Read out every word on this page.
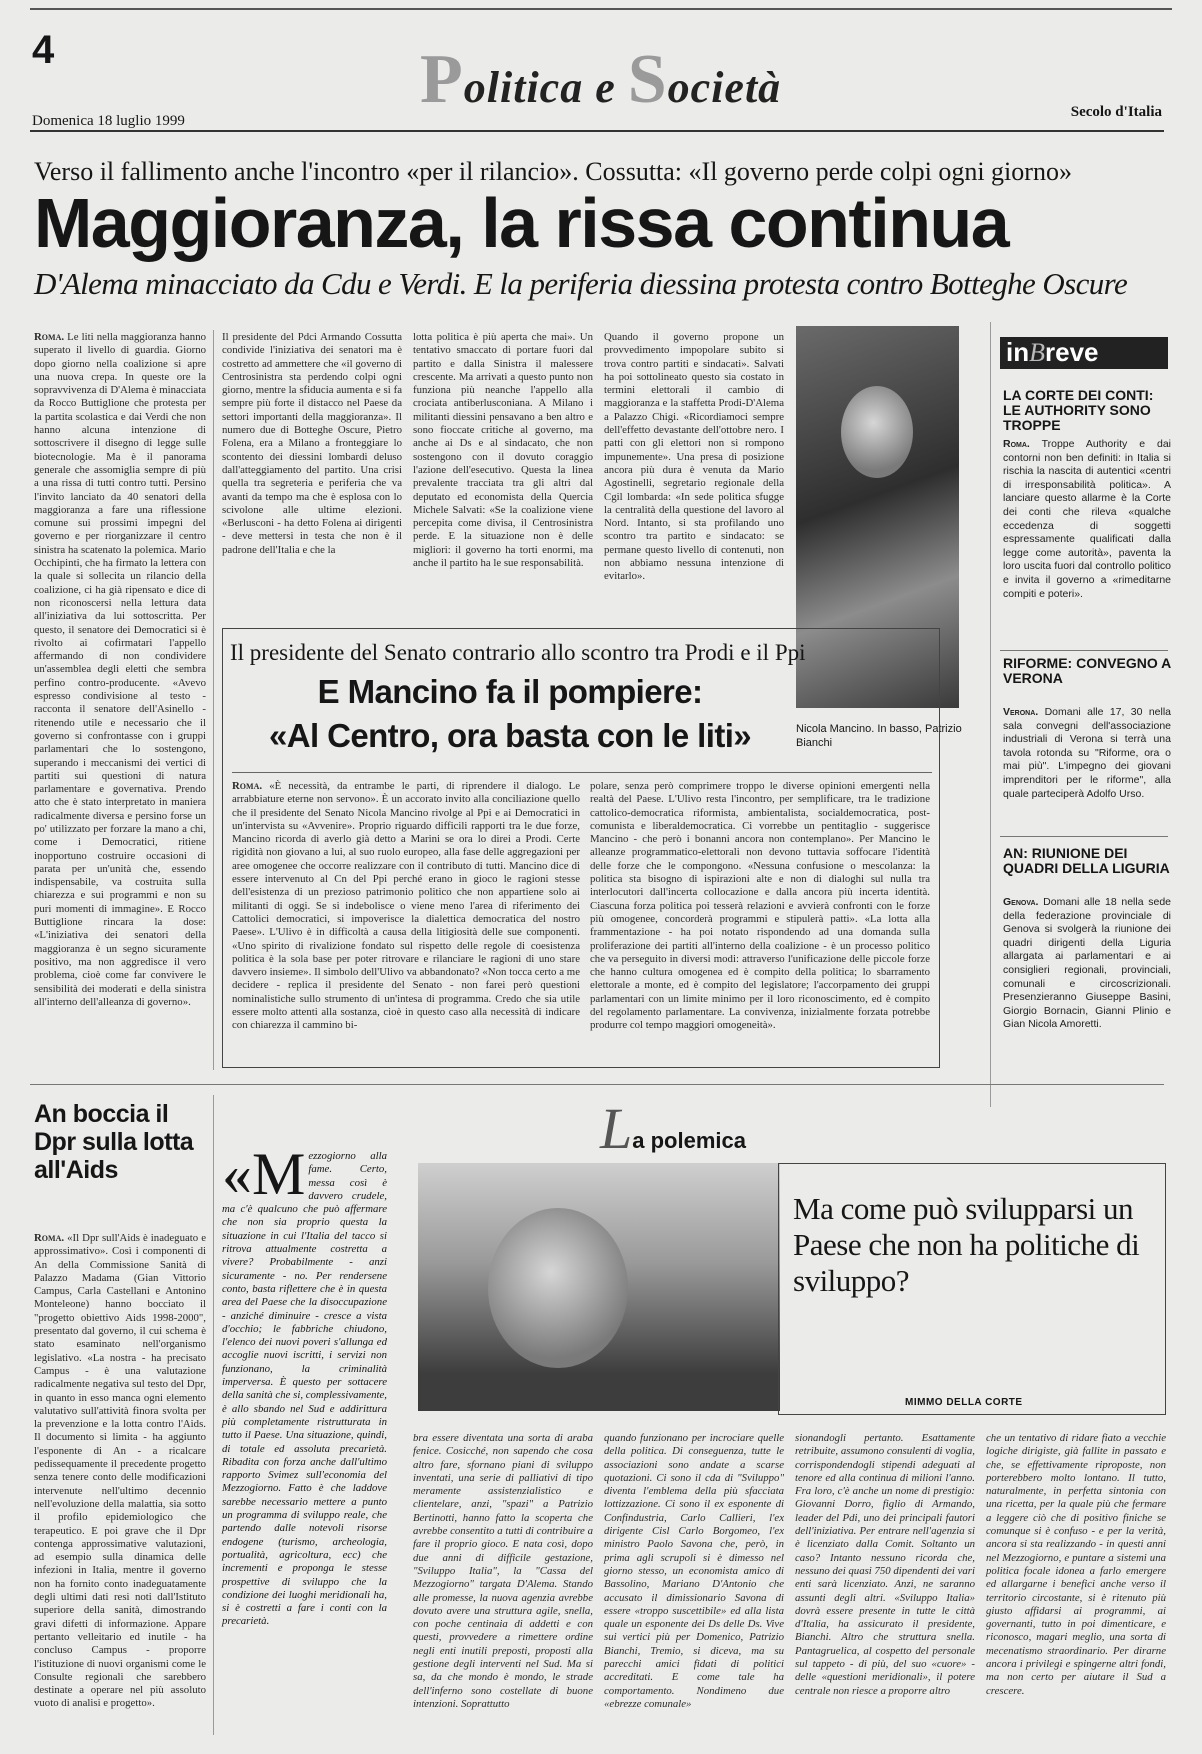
4	Politica e Società
Domenica 18 luglio 1999
Secolo d'Italia
Verso il fallimento anche l'incontro «per il rilancio». Cossutta: «Il governo perde colpi ogni giorno»
Maggioranza, la rissa continua
D'Alema minacciato da Cdu e Verdi. E la periferia diessina protesta contro Botteghe Oscure
Roma. Le liti nella maggioranza hanno superato il livello di guardia. Giorno dopo giorno nella coalizione si apre una nuova crepa. In queste ore la sopravvivenza di D'Alema è minacciata da Rocco Buttiglione che protesta per la partita scolastica e dai Verdi che non hanno alcuna intenzione di sottoscrivere il disegno di legge sulle biotecnologie. Ma è il panorama generale che assomiglia sempre di più a una rissa di tutti contro tutti. Persino l'invito lanciato da 40 senatori della maggioranza a fare una riflessione comune sui prossimi impegni del governo e per riorganizzare il centro sinistra ha scatenato la polemica. Mario Occhipinti, che ha firmato la lettera con la quale si sollecita un rilancio della coalizione, ci ha già ripensato e dice di non riconoscersi nella lettura data all'iniziativa da lui sottoscritta. Per questo, il senatore dei Democratici si è rivolto ai cofirmatari l'appello affermando di non condividere un'assemblea degli eletti che sembra perfino contro-producente. «Avevo espresso condivisione al testo - racconta il senatore dell'Asinello - ritenendo utile e necessario che il governo si confrontasse con i gruppi parlamentari che lo sostengono, superando i meccanismi dei vertici di partiti sui questioni di natura parlamentare e governativa. Prendo atto che è stato interpretato in maniera radicalmente diversa e persino forse un po' utilizzato per forzare la mano a chi, come i Democratici, ritiene inopportuno costruire occasioni di parata per un'unità che, essendo indispensabile, va costruita sulla chiarezza e sui programmi e non su puri momenti di immagine». E Rocco Buttiglione rincara la dose: «L'iniziativa dei senatori della maggioranza è un segno sicuramente positivo, ma non aggredisce il vero problema, cioè come far convivere le sensibilità dei moderati e della sinistra all'interno dell'alleanza di governo».
Il presidente del Pdci Armando Cossutta condivide l'iniziativa dei senatori ma è costretto ad ammettere che «il governo di Centrosinistra sta perdendo colpi ogni giorno, mentre la sfiducia aumenta e si fa sempre più forte il distacco nel Paese da settori importanti della maggioranza». Il numero due di Botteghe Oscure, Pietro Folena, era a Milano a fronteggiare lo scontento dei diessini lombardi deluso dall'atteggiamento del partito. Una crisi quella tra segreteria e periferia che va avanti da tempo ma che è esplosa con lo scivolone alle ultime elezioni. «Berlusconi - ha detto Folena ai dirigenti - deve mettersi in testa che non è il padrone dell'Italia e che la
lotta politica è più aperta che mai». Un tentativo smaccato di portare fuori dal partito e dalla Sinistra il malessere crescente. Ma arrivati a questo punto non funziona più neanche l'appello alla crociata antiberlusconiana. A Milano i militanti diessini pensavano a ben altro e sono fioccate critiche al governo, ma anche ai Ds e al sindacato, che non sostengono con il dovuto coraggio l'azione dell'esecutivo. Questa la linea prevalente tracciata tra gli altri dal deputato ed economista della Quercia Michele Salvati: «Se la coalizione viene percepita come divisa, il Centrosinistra perde. E la situazione non è delle migliori: il governo ha torti enormi, ma anche il partito ha le sue responsabilità.
Quando il governo propone un provvedimento impopolare subito si trova contro partiti e sindacati». Salvati ha poi sottolineato questo sia costato in termini elettorali il cambio di maggioranza e la staffetta Prodi-D'Alema a Palazzo Chigi. «Ricordiamoci sempre dell'effetto devastante dell'ottobre nero. I patti con gli elettori non si rompono impunemente». Una presa di posizione ancora più dura è venuta da Mario Agostinelli, segretario regionale della Cgil lombarda: «In sede politica sfugge la centralità della questione del lavoro al Nord. Intanto, si sta profilando uno scontro tra partito e sindacato: se permane questo livello di contenuti, non non abbiamo nessuna intenzione di evitarlo».
Nicola Mancino. In basso, Patrizio Bianchi
Il presidente del Senato contrario allo scontro tra Prodi e il Ppi
E Mancino fa il pompiere:
«Al Centro, ora basta con le liti»
Roma. «È necessità, da entrambe le parti, di riprendere il dialogo. Le arrabbiature eterne non servono». È un accorato invito alla conciliazione quello che il presidente del Senato Nicola Mancino rivolge al Ppi e ai Democratici in un'intervista su «Avvenire». Proprio riguardo difficili rapporti tra le due forze, Mancino ricorda di averlo già detto a Marini se ora lo direi a Prodi. Certe rigidità non giovano a lui, al suo ruolo europeo, alla fase delle aggregazioni per aree omogenee che occorre realizzare con il contributo di tutti. Mancino dice di essere intervenuto al Cn del Ppi perché erano in gioco le ragioni stesse dell'esistenza di un prezioso patrimonio politico che non appartiene solo ai militanti di oggi. Se si indebolisce o viene meno l'area di riferimento dei Cattolici democratici, si impoverisce la dialettica democratica del nostro Paese». L'Ulivo è in difficoltà a causa della litigiosità delle sue componenti. «Uno spirito di rivalizione fondato sul rispetto delle regole di coesistenza politica è la sola base per poter ritrovare e rilanciare le ragioni di uno stare davvero insieme». Il simbolo dell'Ulivo va abbandonato? «Non tocca certo a me decidere - replica il presidente del Senato - non farei però questioni nominalistiche sullo strumento di un'intesa di programma. Credo che sia utile essere molto attenti alla sostanza, cioè in questo caso alla necessità di indicare con chiarezza il cammino bi-
polare, senza però comprimere troppo le diverse opinioni emergenti nella realtà del Paese. L'Ulivo resta l'incontro, per semplificare, tra le tradizione cattolico-democratica riformista, ambientalista, socialdemocratica, post-comunista e liberaldemocratica. Ci vorrebbe un pentitaglio - suggerisce Mancino - che però i bonanni ancora non contemplano». Per Mancino le alleanze programmatico-elettorali non devono tuttavia soffocare l'identità delle forze che le compongono. «Nessuna confusione o mescolanza: la politica sta bisogno di ispirazioni alte e non di dialoghi sul nulla tra interlocutori dall'incerta collocazione e dalla ancora più incerta identità. Ciascuna forza politica poi tesserà relazioni e avvierà confronti con le forze più omogenee, concorderà programmi e stipulerà patti». «La lotta alla frammentazione - ha poi notato rispondendo ad una domanda sulla proliferazione dei partiti all'interno della coalizione - è un processo politico che va perseguito in diversi modi: attraverso l'unificazione delle piccole forze che hanno cultura omogenea ed è compito della politica; lo sbarramento elettorale a monte, ed è compito del legislatore; l'accorpamento dei gruppi parlamentari con un limite minimo per il loro riconoscimento, ed è compito del regolamento parlamentare. La convivenza, inizialmente forzata potrebbe produrre col tempo maggiori omogeneità».
inBreve
LA CORTE DEI CONTI: LE AUTHORITY SONO TROPPE
Roma. Troppe Authority e dai contorni non ben definiti: in Italia si rischia la nascita di autentici «centri di irresponsabilità politica». A lanciare questo allarme è la Corte dei conti che rileva «qualche eccedenza di soggetti espressamente qualificati dalla legge come autorità», paventa la loro uscita fuori dal controllo politico e invita il governo a «rimeditarne compiti e poteri».
RIFORME: CONVEGNO A VERONA
Verona. Domani alle 17, 30 nella sala convegni dell'associazione industriali di Verona si terrà una tavola rotonda su "Riforme, ora o mai più". L'impegno dei giovani imprenditori per le riforme", alla quale parteciperà Adolfo Urso.
AN: RIUNIONE DEI QUADRI DELLA LIGURIA
Genova. Domani alle 18 nella sede della federazione provinciale di Genova si svolgerà la riunione dei quadri dirigenti della Liguria allargata ai parlamentari e ai consiglieri regionali, provinciali, comunali e circoscrizionali. Presenzieranno Giuseppe Basini, Giorgio Bornacin, Gianni Plinio e Gian Nicola Amoretti.
An boccia il Dpr sulla lotta all'Aids
Roma. «Il Dpr sull'Aids è inadeguato e approssimativo». Così i componenti di An della Commissione Sanità di Palazzo Madama (Gian Vittorio Campus, Carla Castellani e Antonino Monteleone) hanno bocciato il "progetto obiettivo Aids 1998-2000", presentato dal governo, il cui schema è stato esaminato nell'organismo legislativo. «La nostra - ha precisato Campus - è una valutazione radicalmente negativa sul testo del Dpr, in quanto in esso manca ogni elemento valutativo sull'attività finora svolta per la prevenzione e la lotta contro l'Aids. Il documento si limita - ha aggiunto l'esponente di An - a ricalcare pedissequamente il precedente progetto senza tenere conto delle modificazioni intervenute nell'ultimo decennio nell'evoluzione della malattia, sia sotto il profilo epidemiologico che terapeutico. E poi grave che il Dpr contenga approssimative valutazioni, ad esempio sulla dinamica delle infezioni in Italia, mentre il governo non ha fornito conto inadeguatamente degli ultimi dati resi noti dall'Istituto superiore della sanità, dimostrando gravi difetti di informazione. Appare pertanto velleitario ed inutile - ha concluso Campus - proporre l'istituzione di nuovi organismi come le Consulte regionali che sarebbero destinate a operare nel più assoluto vuoto di analisi e progetto».
La polemica
«M ezzogiorno alla fame. Certo, messa così è davvero crudele, ma c'è qualcuno che può affermare che non sia proprio questa la situazione in cui l'Italia del tacco si ritrova attualmente costretta a vivere? Probabilmente - anzi sicuramente - no. Per rendersene conto, basta riflettere che è in questa area del Paese che la disoccupazione - anziché diminuire - cresce a vista d'occhio; le fabbriche chiudono, l'elenco dei nuovi poveri s'allunga ed accoglie nuovi iscritti, i servizi non funzionano, la criminalità imperversa. È questo per sottacere della sanità che si, complessivamente, è allo sbando nel Sud e addirittura più completamente ristrutturata in tutto il Paese. Una situazione, quindi, di totale ed assoluta precarietà. Ribadita con forza anche dall'ultimo rapporto Svimez sull'economia del Mezzogiorno. Fatto è che laddove sarebbe necessario mettere a punto un programma di sviluppo reale, che partendo dalle notevoli risorse endogene (turismo, archeologia, portualità, agricoltura, ecc) che incrementi e proponga le stesse prospettive di sviluppo che la condizione dei luoghi meridionali ha, si è costretti a fare i conti con la precarietà.
Ma come può svilupparsi un Paese che non ha politiche di sviluppo?
MIMMO DELLA CORTE
bra essere diventata una sorta di araba fenice. Cosicché, non sapendo che cosa altro fare, sfornano piani di sviluppo inventati, una serie di palliativi di tipo meramente assistenzialistico e clientelare, anzi, "spazi" a Patrizio Bertinotti, hanno fatto la scoperta che avrebbe consentito a tutti di contribuire a fare il proprio gioco. E nata così, dopo due anni di difficile gestazione, "Sviluppo Italia", la "Cassa del Mezzogiorno" targata D'Alema. Stando alle promesse, la nuova agenzia avrebbe dovuto avere una struttura agile, snella, con poche centinaia di addetti e con questi, provvedere a rimettere ordine negli enti inutili preposti, proposti alla gestione degli interventi nel Sud. Ma si sa, da che mondo è mondo, le strade dell'inferno sono costellate di buone intenzioni. Soprattutto
quando funzionano per incrociare quelle della politica. Di conseguenza, tutte le associazioni sono andate a scarse quotazioni. Ci sono il cda di "Sviluppo" diventa l'emblema della più sfacciata lottizzazione. Ci sono il ex esponente di Confindustria, Carlo Callieri, l'ex dirigente Cisl Carlo Borgomeo, l'ex ministro Paolo Savona che, però, in prima agli scrupoli si è dimesso nel giorno stesso, un economista amico di Bassolino, Mariano D'Antonio che accusato il dimissionario Savona di essere «troppo suscettibile» ed alla lista quale un esponente dei Ds delle Ds. Vive sui vertici più per Domenico, Patrizio Bianchi, Tremio, si diceva, ma su parecchi amici fidati di politici accreditati. E come tale ha comportamento. Nondimeno due «ebrezze comunale»
sionandogli pertanto. Esattamente retribuite, assumono consulenti di voglia, corrispondendogli stipendi adeguati al tenore ed alla continua di milioni l'anno. Fra loro, c'è anche un nome di prestigio: Giovanni Dorro, figlio di Armando, leader del Pdi, uno dei principali fautori dell'iniziativa. Per entrare nell'agenzia si è licenziato dalla Comit. Soltanto un caso? Intanto nessuno ricorda che, nessuno dei quasi 750 dipendenti dei vari enti sarà licenziato. Anzi, ne saranno assunti degli altri. «Sviluppo Italia» dovrà essere presente in tutte le città d'Italia, ha assicurato il presidente, Bianchi. Altro che struttura snella. Pantagruelica, al cospetto del personale sul tappeto - di più, del suo «cuore» - delle «questioni meridionali», il potere centrale non riesce a proporre altro
che un tentativo di ridare fiato a vecchie logiche dirigiste, già fallite in passato e che, se effettivamente riproposte, non porterebbero molto lontano. Il tutto, naturalmente, in perfetta sintonia con una ricetta, per la quale più che fermare a leggere ciò che di positivo finiche se comunque si è confuso - e per la verità, ancora si sta realizzando - in questi anni nel Mezzogiorno, e puntare a sistemi una politica focale idonea a farlo emergere ed allargarne i benefici anche verso il territorio circostante, si è ritenuto più giusto affidarsi ai programmi, ai governanti, tutto in poi dimenticare, e riconosco, magari meglio, una sorta di mecenatismo straordinario. Per dirarne ancora i privilegi e spingerne altri fondi, ma non certo per aiutare il Sud a crescere.
